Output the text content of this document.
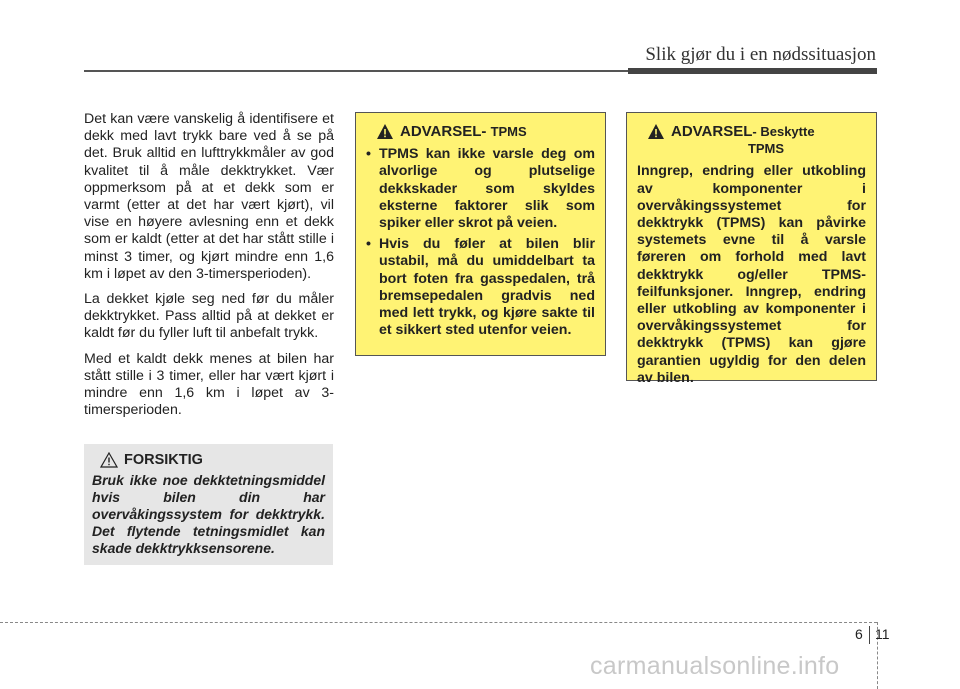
Slik gjør du i en nødssituasjon

Det kan være vanskelig å identifisere et dekk med lavt trykk bare ved å se på det. Bruk alltid en lufttrykkmåler av god kvalitet til å måle dekktrykket. Vær oppmerksom på at et dekk som er varmt (etter at det har vært kjørt), vil vise en høyere avlesning enn et dekk som er kaldt (etter at det har stått stille i minst 3 timer, og kjørt mindre enn 1,6 km i løpet av den 3-timersperioden).

La dekket kjøle seg ned før du måler dekktrykket. Pass alltid på at dekket er kaldt før du fyller luft til anbefalt trykk.

Med et kaldt dekk menes at bilen har stått stille i 3 timer, eller har vært kjørt i mindre enn 1,6 km i løpet av 3-timersperioden.

FORSIKTIG
Bruk ikke noe dekktetningsmiddel hvis bilen din har overvåkingssystem for dekktrykk. Det flytende tetningsmidlet kan skade dekktrykksensorene.
ADVARSEL- TPMS
• TPMS kan ikke varsle deg om alvorlige og plutselige dekkskader som skyldes eksterne faktorer slik som spiker eller skrot på veien.
• Hvis du føler at bilen blir ustabil, må du umiddelbart ta bort foten fra gasspedalen, trå bremsepedalen gradvis ned med lett trykk, og kjøre sakte til et sikkert sted utenfor veien.
ADVARSEL- Beskytte
TPMS
Inngrep, endring eller utkobling av komponenter i overvåkingssystemet for dekktrykk (TPMS) kan påvirke systemets evne til å varsle føreren om forhold med lavt dekktrykk og/eller TPMS-feilfunksjoner. Inngrep, endring eller utkobling av komponenter i overvåkingssystemet for dekktrykk (TPMS) kan gjøre garantien ugyldig for den delen av bilen.
6 11
carmanualsonline.info
